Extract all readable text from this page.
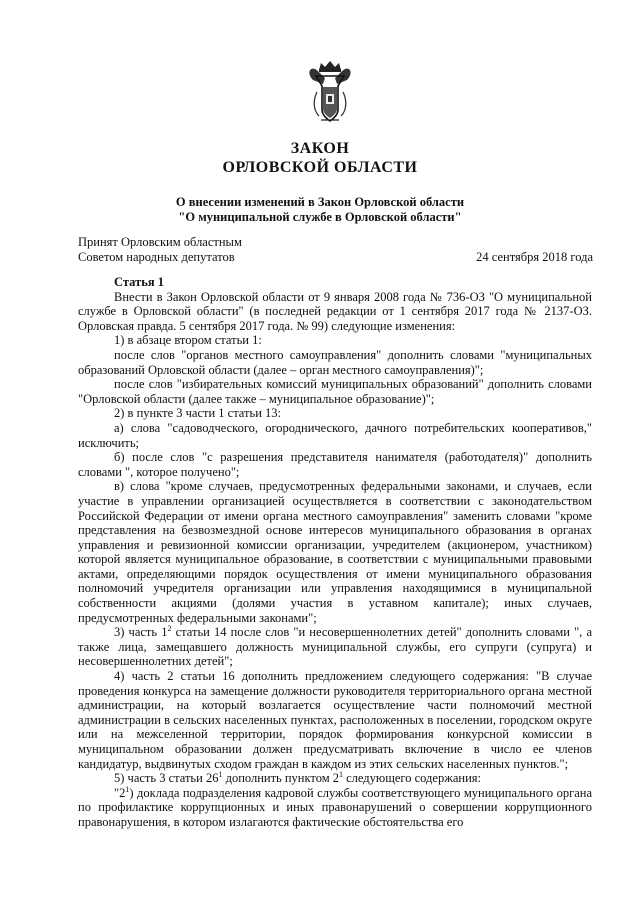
ЗАКОН
ОРЛОВСКОЙ ОБЛАСТИ
О внесении изменений в Закон Орловской области
"О муниципальной службе в Орловской области"
Принят Орловским областным
Советом народных депутатов	24 сентября 2018 года

Статья 1

Внести в Закон Орловской области от 9 января 2008 года № 736-ОЗ "О муниципальной службе в Орловской области" (в последней редакции от 1 сентября 2017 года № 2137-ОЗ. Орловская правда. 5 сентября 2017 года. № 99) следующие изменения:

1) в абзаце втором статьи 1:

после слов "органов местного самоуправления" дополнить словами "муниципальных образований Орловской области (далее – орган местного самоуправления)";

после слов "избирательных комиссий муниципальных образований" дополнить словами "Орловской области (далее также – муниципальное образование)";

2) в пункте 3 части 1 статьи 13:

а) слова "садоводческого, огороднического, дачного потребительских кооперативов," исключить;

б) после слов "с разрешения представителя нанимателя (работодателя)" дополнить словами ", которое получено";

в) слова "кроме случаев, предусмотренных федеральными законами, и случаев, если участие в управлении организацией осуществляется в соответствии с законодательством Российской Федерации от имени органа местного самоуправления" заменить словами "кроме представления на безвозмездной основе интересов муниципального образования в органах управления и ревизионной комиссии организации, учредителем (акционером, участником) которой является муниципальное образование, в соответствии с муниципальными правовыми актами, определяющими порядок осуществления от имени муниципального образования полномочий учредителя организации или управления находящимися в муниципальной собственности акциями (долями участия в уставном капитале); иных случаев, предусмотренных федеральными законами";

3) часть $1^2$ статьи 14 после слов "и несовершеннолетних детей" дополнить словами ", а также лица, замещавшего должность муниципальной службы, его супруги (супруга) и несовершеннолетних детей";

4) часть 2 статьи 16 дополнить предложением следующего содержания: "В случае проведения конкурса на замещение должности руководителя территориального органа местной администрации, на который возлагается осуществление части полномочий местной администрации в сельских населенных пунктах, расположенных в поселении, городском округе или на межселенной территории, порядок формирования конкурсной комиссии в муниципальном образовании должен предусматривать включение в число ее членов кандидатур, выдвинутых сходом граждан в каждом из этих сельских населенных пунктов.";

5) часть 3 статьи $26^1$ дополнить пунктом $2^1$ следующего содержания:

"$2^1$) доклада подразделения кадровой службы соответствующего муниципального органа по профилактике коррупционных и иных правонарушений о совершении коррупционного правонарушения, в котором излагаются фактические обстоятельства его
